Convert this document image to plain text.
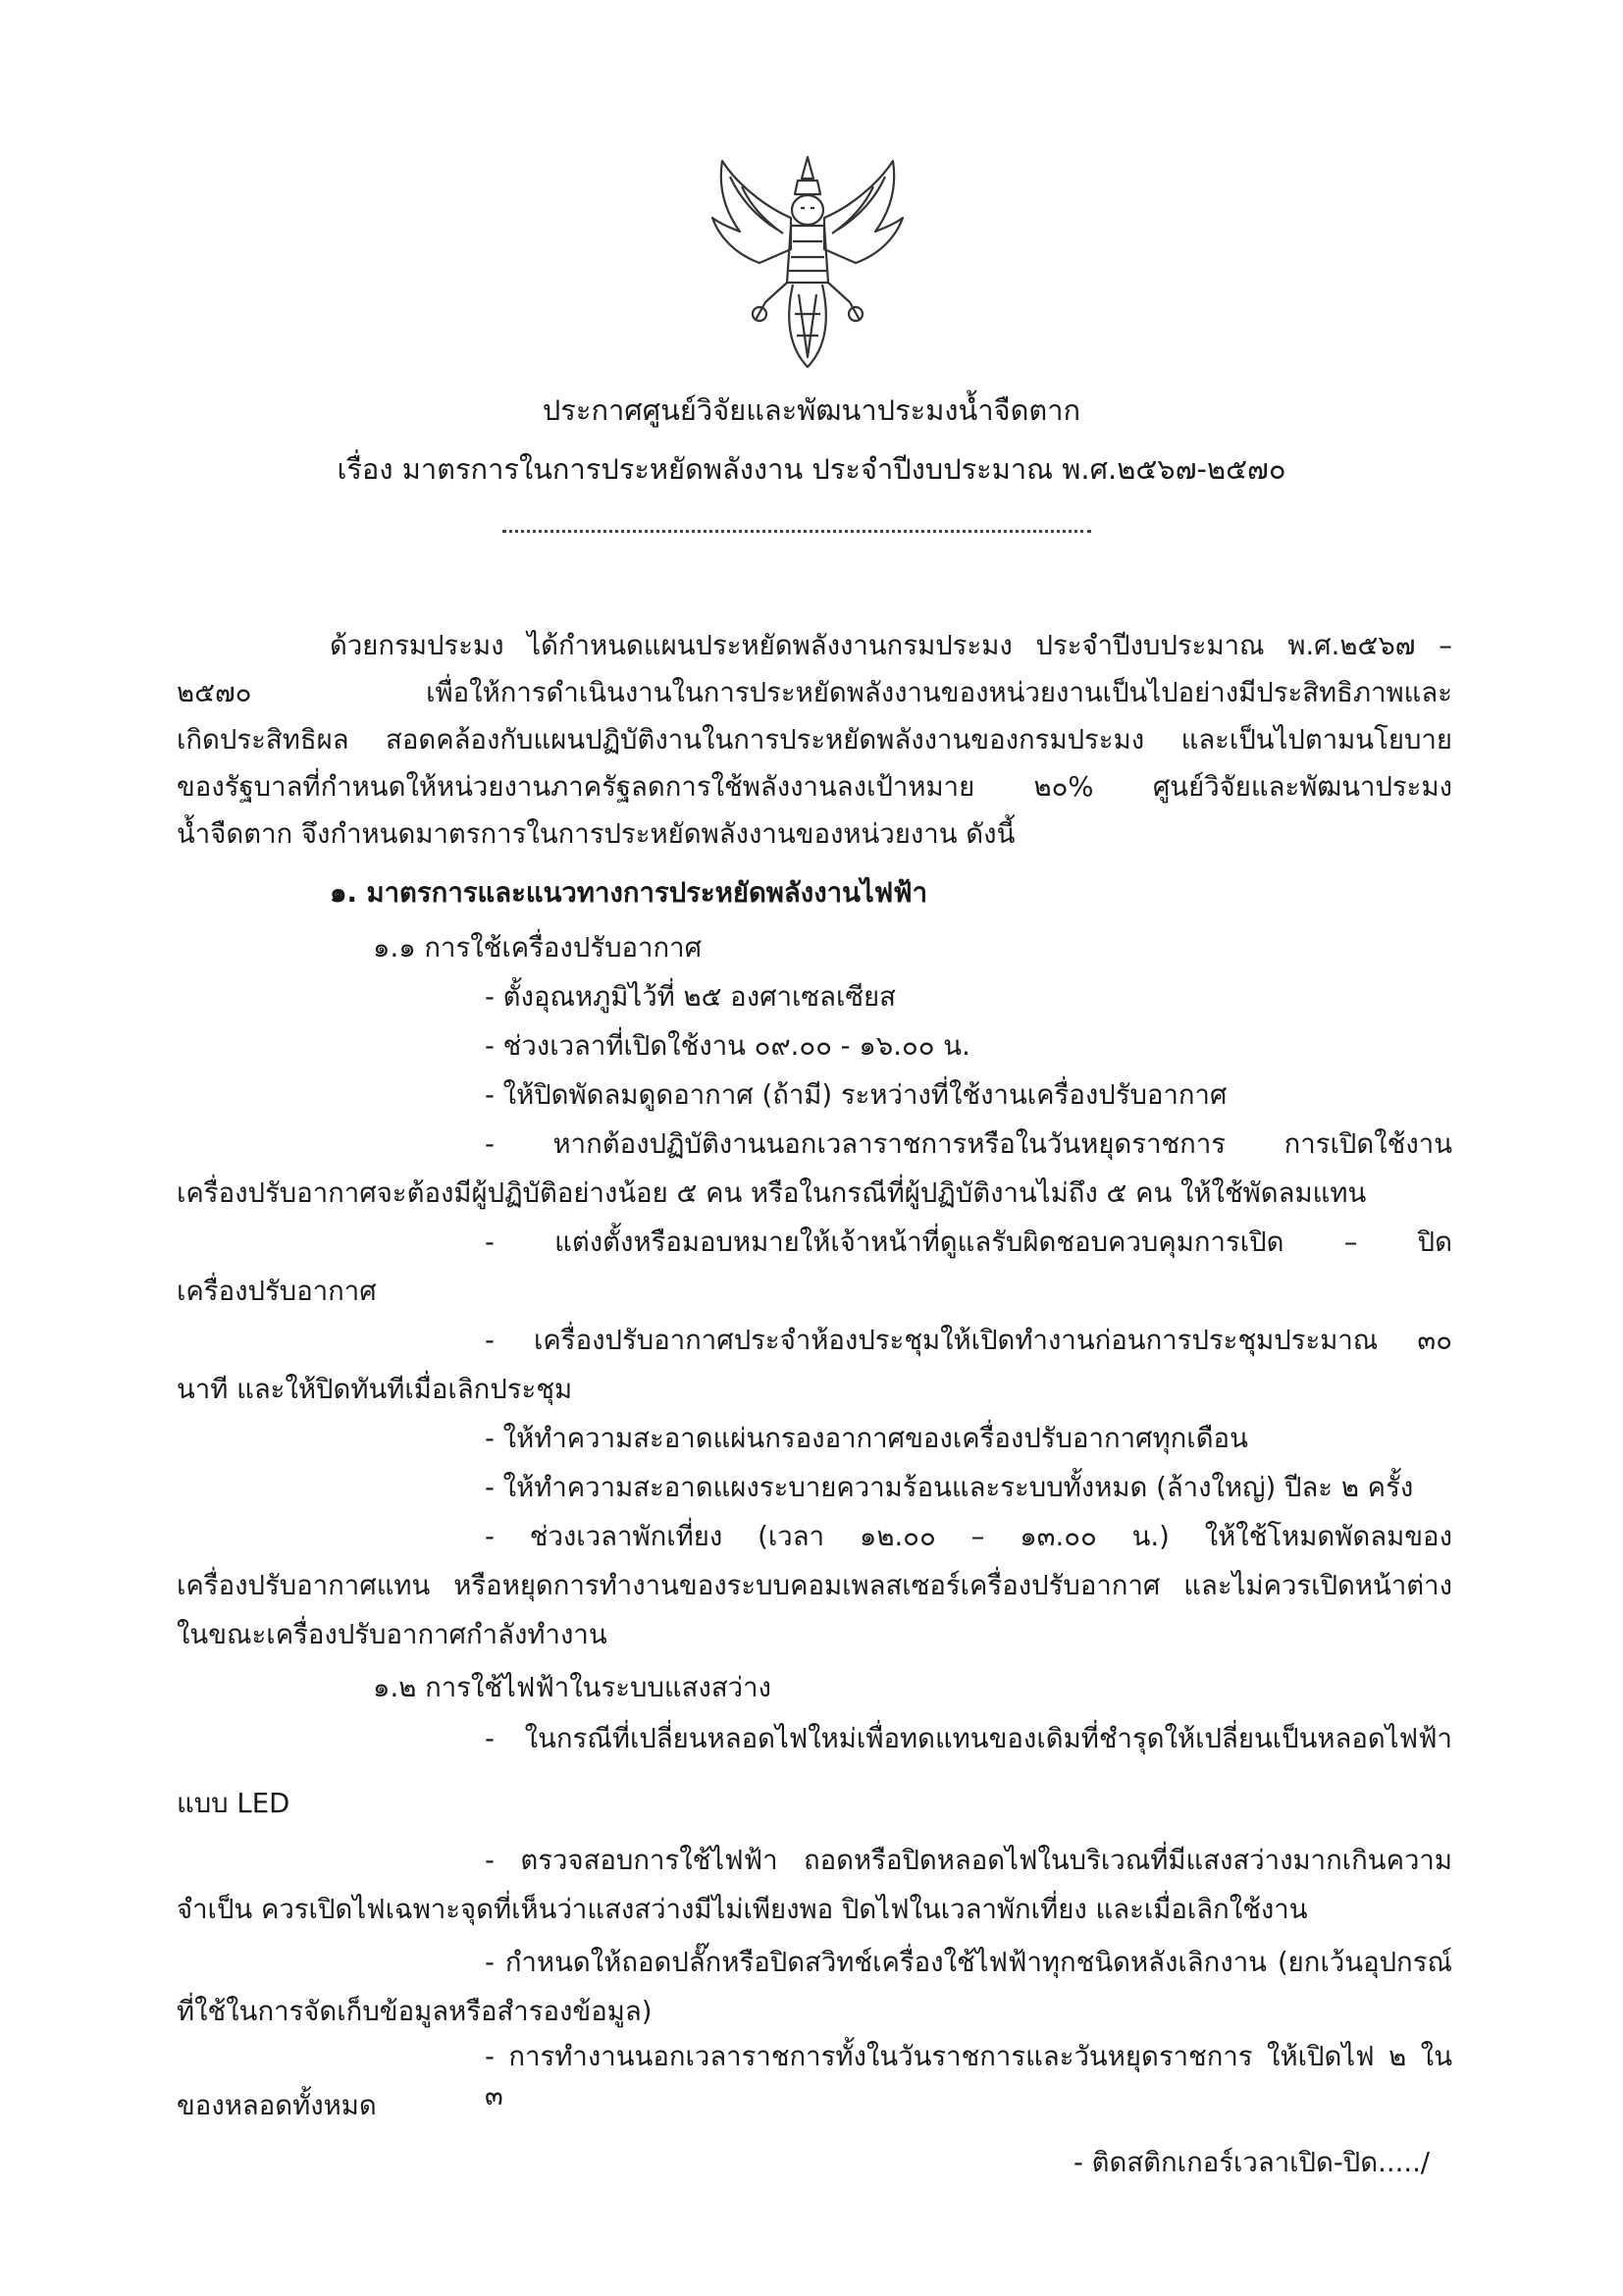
ประกาศศูนย์วิจัยและพัฒนาประมงน้ำจืดตาก
เรื่อง มาตรการในการประหยัดพลังงาน ประจำปีงบประมาณ พ.ศ.๒๕๖๗-๒๕๗๐
ด้วยกรมประมง ได้กำหนดแผนประหยัดพลังงานกรมประมง ประจำปีงบประมาณ พ.ศ.๒๕๖๗ –
๒๕๗๐ เพื่อให้การดำเนินงานในการประหยัดพลังงานของหน่วยงานเป็นไปอย่างมีประสิทธิภาพและ
เกิดประสิทธิผล สอดคล้องกับแผนปฏิบัติงานในการประหยัดพลังงานของกรมประมง และเป็นไปตามนโยบาย
ของรัฐบาลที่กำหนดให้หน่วยงานภาครัฐลดการใช้พลังงานลงเป้าหมาย ๒๐% ศูนย์วิจัยและพัฒนาประมง
น้ำจืดตาก จึงกำหนดมาตรการในการประหยัดพลังงานของหน่วยงาน ดังนี้
๑. มาตรการและแนวทางการประหยัดพลังงานไฟฟ้า
๑.๑ การใช้เครื่องปรับอากาศ
- ตั้งอุณหภูมิไว้ที่ ๒๕ องศาเซลเซียส
- ช่วงเวลาที่เปิดใช้งาน ๐๙.๐๐ - ๑๖.๐๐ น.
- ให้ปิดพัดลมดูดอากาศ (ถ้ามี) ระหว่างที่ใช้งานเครื่องปรับอากาศ
- หากต้องปฏิบัติงานนอกเวลาราชการหรือในวันหยุดราชการ การเปิดใช้งาน
เครื่องปรับอากาศจะต้องมีผู้ปฏิบัติอย่างน้อย ๕ คน หรือในกรณีที่ผู้ปฏิบัติงานไม่ถึง ๕ คน ให้ใช้พัดลมแทน
- แต่งตั้งหรือมอบหมายให้เจ้าหน้าที่ดูแลรับผิดชอบควบคุมการเปิด – ปิด
เครื่องปรับอากาศ
- เครื่องปรับอากาศประจำห้องประชุมให้เปิดทำงานก่อนการประชุมประมาณ ๓๐
นาที และให้ปิดทันทีเมื่อเลิกประชุม
- ให้ทำความสะอาดแผ่นกรองอากาศของเครื่องปรับอากาศทุกเดือน
- ให้ทำความสะอาดแผงระบายความร้อนและระบบทั้งหมด (ล้างใหญ่) ปีละ ๒ ครั้ง
- ช่วงเวลาพักเที่ยง (เวลา ๑๒.๐๐ – ๑๓.๐๐ น.) ให้ใช้โหมดพัดลมของ
เครื่องปรับอากาศแทน หรือหยุดการทำงานของระบบคอมเพลสเซอร์เครื่องปรับอากาศ และไม่ควรเปิดหน้าต่าง
ในขณะเครื่องปรับอากาศกำลังทำงาน
๑.๒ การใช้ไฟฟ้าในระบบแสงสว่าง
- ในกรณีที่เปลี่ยนหลอดไฟใหม่เพื่อทดแทนของเดิมที่ชำรุดให้เปลี่ยนเป็นหลอดไฟฟ้า
แบบ LED
- ตรวจสอบการใช้ไฟฟ้า ถอดหรือปิดหลอดไฟในบริเวณที่มีแสงสว่างมากเกินความ
จำเป็น ควรเปิดไฟเฉพาะจุดที่เห็นว่าแสงสว่างมีไม่เพียงพอ ปิดไฟในเวลาพักเที่ยง และเมื่อเลิกใช้งาน
- กำหนดให้ถอดปลั๊กหรือปิดสวิทช์เครื่องใช้ไฟฟ้าทุกชนิดหลังเลิกงาน (ยกเว้นอุปกรณ์
ที่ใช้ในการจัดเก็บข้อมูลหรือสำรองข้อมูล)
- การทำงานนอกเวลาราชการทั้งในวันราชการและวันหยุดราชการ ให้เปิดไฟ ๒ ใน ๓
ของหลอดทั้งหมด
- ติดสติกเกอร์เวลาเปิด-ปิด...../
